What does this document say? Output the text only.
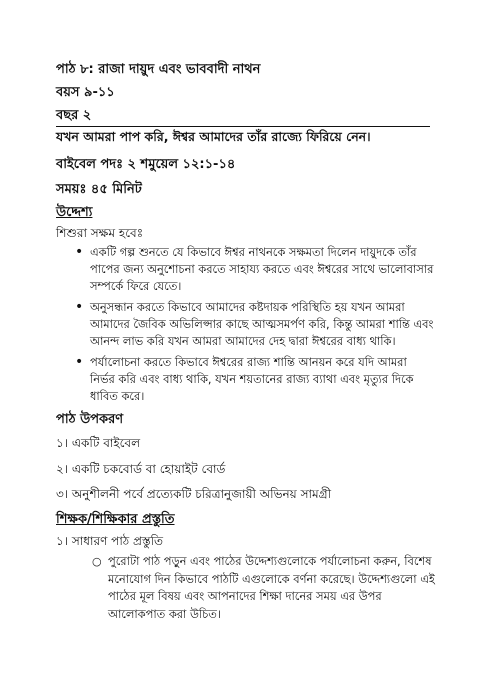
পাঠ ৮: রাজা দায়ুদ এবং ভাববাদী নাথন

বয়স ৯-১১

বছর ২

যখন আমরা পাপ করি, ঈশ্বর আমাদের তাঁর রাজ্যে ফিরিয়ে নেন।

বাইবেল পদঃ ২ শমুয়েল ১২:১-১৪

সময়ঃ ৪৫ মিনিট

উদ্দেশ্য

শিশুরা সক্ষম হবেঃ

• একটি গল্প শুনতে যে কিভাবে ঈশ্বর নাথনকে সক্ষমতা দিলেন দায়ুদকে তাঁর পাপের জন্য অনুশোচনা করতে সাহায্য করতে এবং ঈশ্বরের সাথে ভালোবাসার সম্পর্কে ফিরে যেতে।
• অনুসন্ধান করতে কিভাবে আমাদের কষ্টদায়ক পরিস্থিতি হয় যখন আমরা আমাদের জৈবিক অভিলিপ্সার কাছে আত্মসমর্পণ করি, কিন্তু আমরা শান্তি এবং আনন্দ লাভ করি যখন আমরা আমাদের দেহ দ্বারা ঈশ্বরের বাধ্য থাকি।
• পর্যালোচনা করতে কিভাবে ঈশ্বরের রাজ্য শান্তি আনয়ন করে যদি আমরা নির্ভর করি এবং বাধ্য থাকি, যখন শয়তানের রাজ্য ব্যাথা এবং মৃত্যুর দিকে ধাবিত করে।

পাঠ উপকরণ

১। একটি বাইবেল

২। একটি চকবোর্ড বা হোয়াইট বোর্ড

৩। অনুশীলনী পর্বে প্রত্যেকটি চরিত্রানুজায়ী অভিনয় সামগ্রী

শিক্ষক/শিক্ষিকার প্রস্তুতি

১। সাধারণ পাঠ প্রস্তুতি

○ পুরোটা পাঠ পড়ুন এবং পাঠের উদ্দেশ্যগুলোকে পর্যালোচনা করুন, বিশেষ মনোযোগ দিন কিভাবে পাঠটি এগুলোকে বর্ণনা করেছে। উদ্দেশ্যগুলো এই পাঠের মূল বিষয় এবং আপনাদের শিক্ষা দানের সময় এর উপর আলোকপাত করা উচিত।
